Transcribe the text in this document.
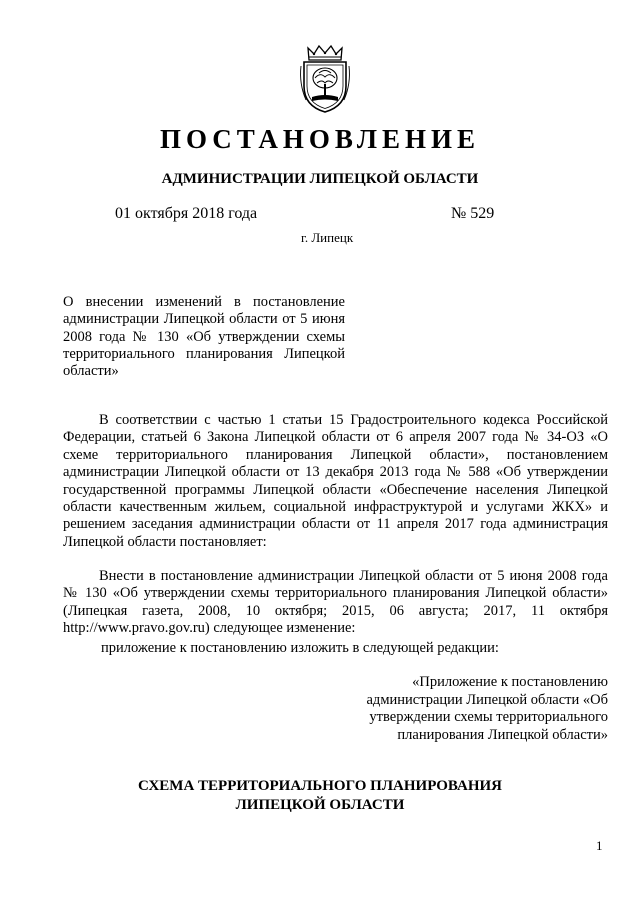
ПОСТАНОВЛЕНИЕ
АДМИНИСТРАЦИИ ЛИПЕЦКОЙ ОБЛАСТИ
01 октября 2018 года	№ 529
г. Липецк

О внесении изменений в постановление администрации Липецкой области от 5 июня 2008 года № 130 «Об утверждении схемы территориального планирования Липецкой области»

В соответствии с частью 1 статьи 15 Градостроительного кодекса Российской Федерации, статьей 6 Закона Липецкой области от 6 апреля 2007 года № 34-ОЗ «О схеме территориального планирования Липецкой области», постановлением администрации Липецкой области от 13 декабря 2013 года № 588 «Об утверждении государственной программы Липецкой области «Обеспечение населения Липецкой области качественным жильем, социальной инфраструктурой и услугами ЖКХ» и решением заседания администрации области от 11 апреля 2017 года администрация Липецкой области постановляет:

Внести в постановление администрации Липецкой области от 5 июня 2008 года № 130 «Об утверждении схемы территориального планирования Липецкой области» (Липецкая газета, 2008, 10 октября; 2015, 06 августа; 2017, 11 октября http://www.pravo.gov.ru) следующее изменение:

приложение к постановлению изложить в следующей редакции:

«Приложение к постановлению
администрации Липецкой области «Об
утверждении схемы территориального
планирования Липецкой области»
СХЕМА ТЕРРИТОРИАЛЬНОГО ПЛАНИРОВАНИЯ
ЛИПЕЦКОЙ ОБЛАСТИ
1
